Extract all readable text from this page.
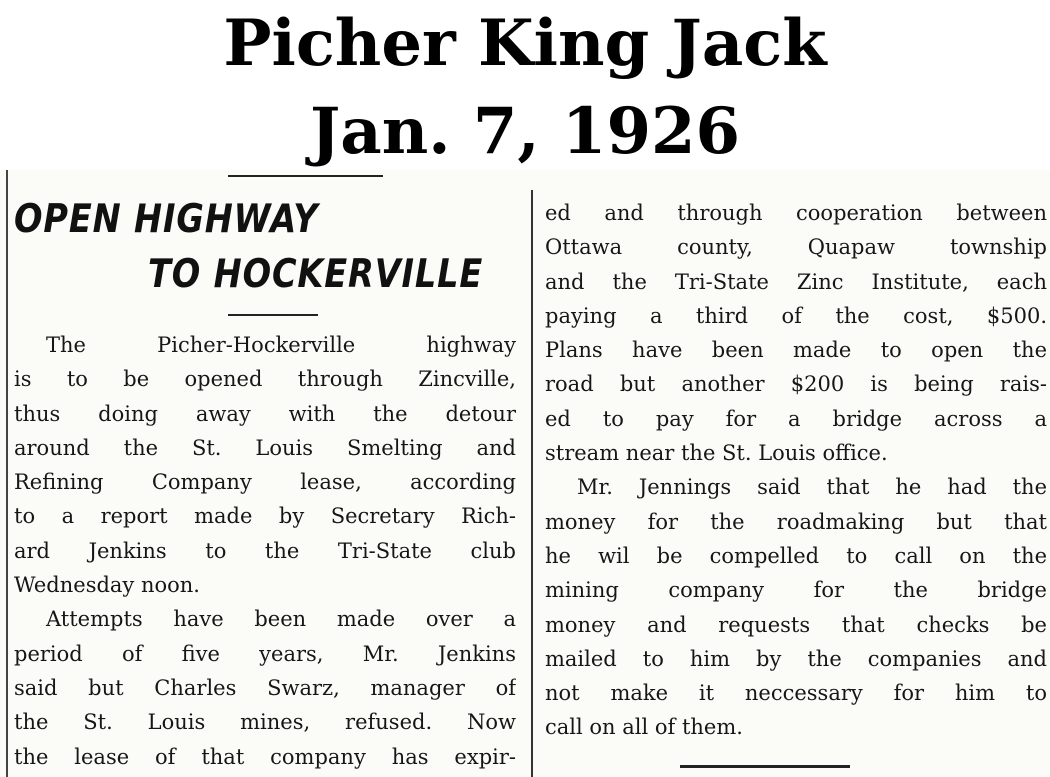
Picher King Jack
Jan. 7, 1926
OPEN HIGHWAY
TO HOCKERVILLE
The Picher-Hockerville highway
is to be opened through Zincville,
thus doing away with the detour
around the St. Louis Smelting and
Refining Company lease, according
to a report made by Secretary Rich-
ard Jenkins to the Tri-State club
Wednesday noon.
Attempts have been made over a
period of five years, Mr. Jenkins
said but Charles Swarz, manager of
the St. Louis mines, refused. Now
the lease of that company has expir-
ed and through cooperation between
Ottawa county, Quapaw township
and the Tri-State Zinc Institute, each
paying a third of the cost, $500.
Plans have been made to open the
road but another $200 is being rais-
ed to pay for a bridge across a
stream near the St. Louis office.
Mr. Jennings said that he had the
money for the roadmaking but that
he wil be compelled to call on the
mining company for the bridge
money and requests that checks be
mailed to him by the companies and
not make it neccessary for him to
call on all of them.
